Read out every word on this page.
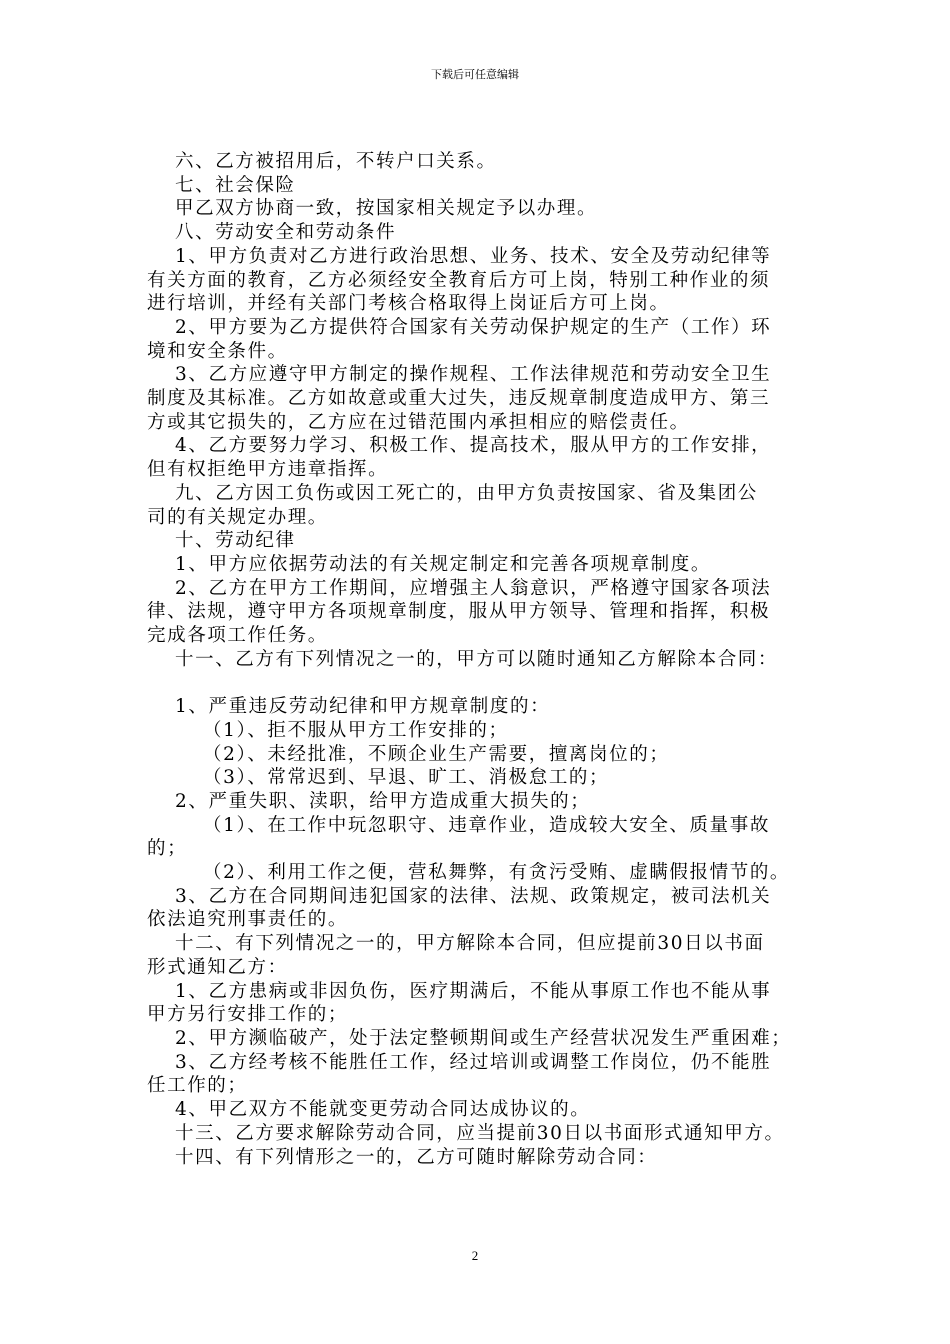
下载后可任意编辑
六、乙方被招用后，不转户口关系。
七、社会保险
甲乙双方协商一致，按国家相关规定予以办理。
八、劳动安全和劳动条件
1、甲方负责对乙方进行政治思想、业务、技术、安全及劳动纪律等
有关方面的教育，乙方必须经安全教育后方可上岗，特别工种作业的须
进行培训，并经有关部门考核合格取得上岗证后方可上岗。
2、甲方要为乙方提供符合国家有关劳动保护规定的生产（工作）环
境和安全条件。
3、乙方应遵守甲方制定的操作规程、工作法律规范和劳动安全卫生
制度及其标准。乙方如故意或重大过失，违反规章制度造成甲方、第三
方或其它损失的，乙方应在过错范围内承担相应的赔偿责任。
4、乙方要努力学习、积极工作、提高技术，服从甲方的工作安排，
但有权拒绝甲方违章指挥。
九、乙方因工负伤或因工死亡的，由甲方负责按国家、省及集团公
司的有关规定办理。
十、劳动纪律
1、甲方应依据劳动法的有关规定制定和完善各项规章制度。
2、乙方在甲方工作期间，应增强主人翁意识，严格遵守国家各项法
律、法规，遵守甲方各项规章制度，服从甲方领导、管理和指挥，积极
完成各项工作任务。
十一、乙方有下列情况之一的，甲方可以随时通知乙方解除本合同：
1、严重违反劳动纪律和甲方规章制度的：
（1）、拒不服从甲方工作安排的；
（2）、未经批准，不顾企业生产需要，擅离岗位的；
（3）、常常迟到、早退、旷工、消极怠工的；
2、严重失职、渎职，给甲方造成重大损失的；
（1）、在工作中玩忽职守、违章作业，造成较大安全、质量事故
的；
（2）、利用工作之便，营私舞弊，有贪污受贿、虚瞒假报情节的。
3、乙方在合同期间违犯国家的法律、法规、政策规定，被司法机关
依法追究刑事责任的。
十二、有下列情况之一的，甲方解除本合同，但应提前30日以书面
形式通知乙方：
1、乙方患病或非因负伤，医疗期满后，不能从事原工作也不能从事
甲方另行安排工作的；
2、甲方濒临破产，处于法定整顿期间或生产经营状况发生严重困难；
3、乙方经考核不能胜任工作，经过培训或调整工作岗位，仍不能胜
任工作的；
4、甲乙双方不能就变更劳动合同达成协议的。
十三、乙方要求解除劳动合同，应当提前30日以书面形式通知甲方。
十四、有下列情形之一的，乙方可随时解除劳动合同：
2
